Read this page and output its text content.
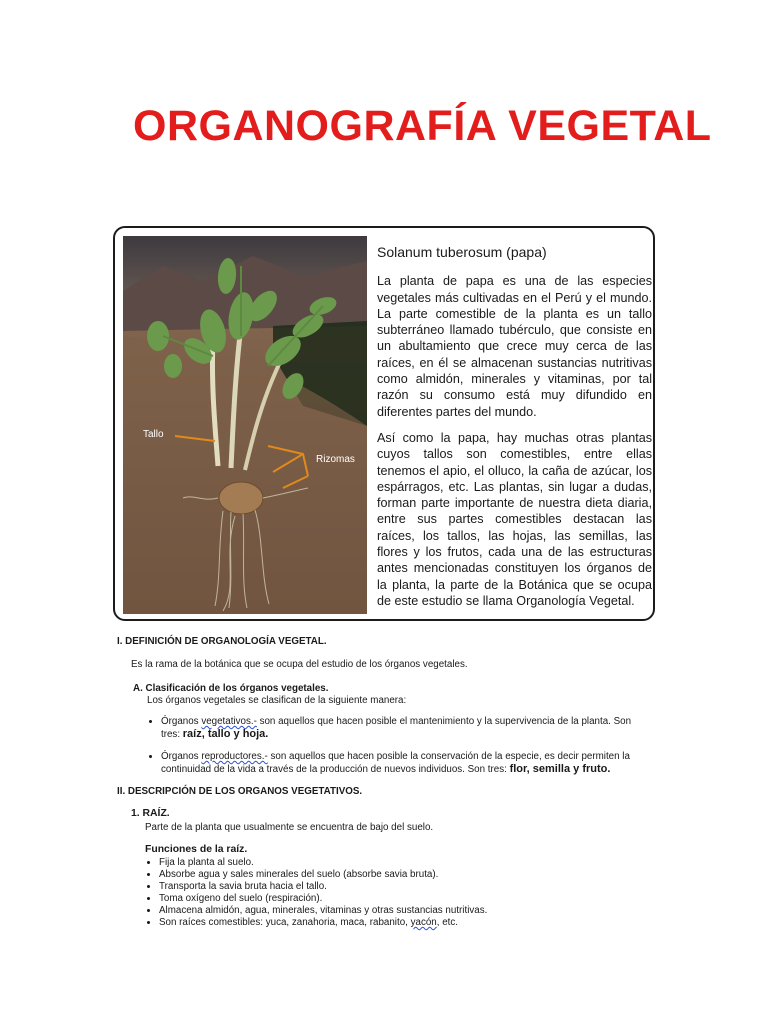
ORGANOGRAFÍA VEGETAL
Tallo
Rizomas
Solanum tuberosum (papa)

La planta de papa es una de las especies vegetales más cultivadas en el Perú y el mundo. La parte comestible de la planta es un tallo subterráneo llamado tubérculo, que consiste en un abultamiento que crece muy cerca de las raíces, en él se almacenan sustancias nutritivas como almidón, minerales y vitaminas, por tal razón su consumo está muy difundido en diferentes partes del mundo.

Así como la papa, hay muchas otras plantas cuyos tallos son comestibles, entre ellas tenemos el apio, el olluco, la caña de azúcar, los espárragos, etc. Las plantas, sin lugar a dudas, forman parte importante de nuestra dieta diaria, entre sus partes comestibles destacan las raíces, los tallos, las hojas, las semillas, las flores y los frutos, cada una de las estructuras antes mencionadas constituyen los órganos de la planta, la parte de la Botánica que se ocupa de este estudio se llama Organología Vegetal.

I. DEFINICIÓN DE ORGANOLOGÍA VEGETAL.
Es la rama de la botánica que se ocupa del estudio de los órganos vegetales.
A. Clasificación de los órganos vegetales.
Los órganos vegetales se clasifican de la siguiente manera:
• Órganos vegetativos.- son aquellos que hacen posible el mantenimiento y la supervivencia de la planta. Son tres: raíz, tallo y hoja.
• Órganos reproductores.- son aquellos que hacen posible la conservación de la especie, es decir permiten la continuidad de la vida a través de la producción de nuevos individuos. Son tres: flor, semilla y fruto.
II. DESCRIPCIÓN DE LOS ORGANOS VEGETATIVOS.
1. RAÍZ.
Parte de la planta que usualmente se encuentra de bajo del suelo.
Funciones de la raíz.
• Fija la planta al suelo.
• Absorbe agua y sales minerales del suelo (absorbe savia bruta).
• Transporta la savia bruta hacia el tallo.
• Toma oxígeno del suelo (respiración).
• Almacena almidón, agua, minerales, vitaminas y otras sustancias nutritivas.
• Son raíces comestibles: yuca, zanahoria, maca, rabanito, yacón, etc.
